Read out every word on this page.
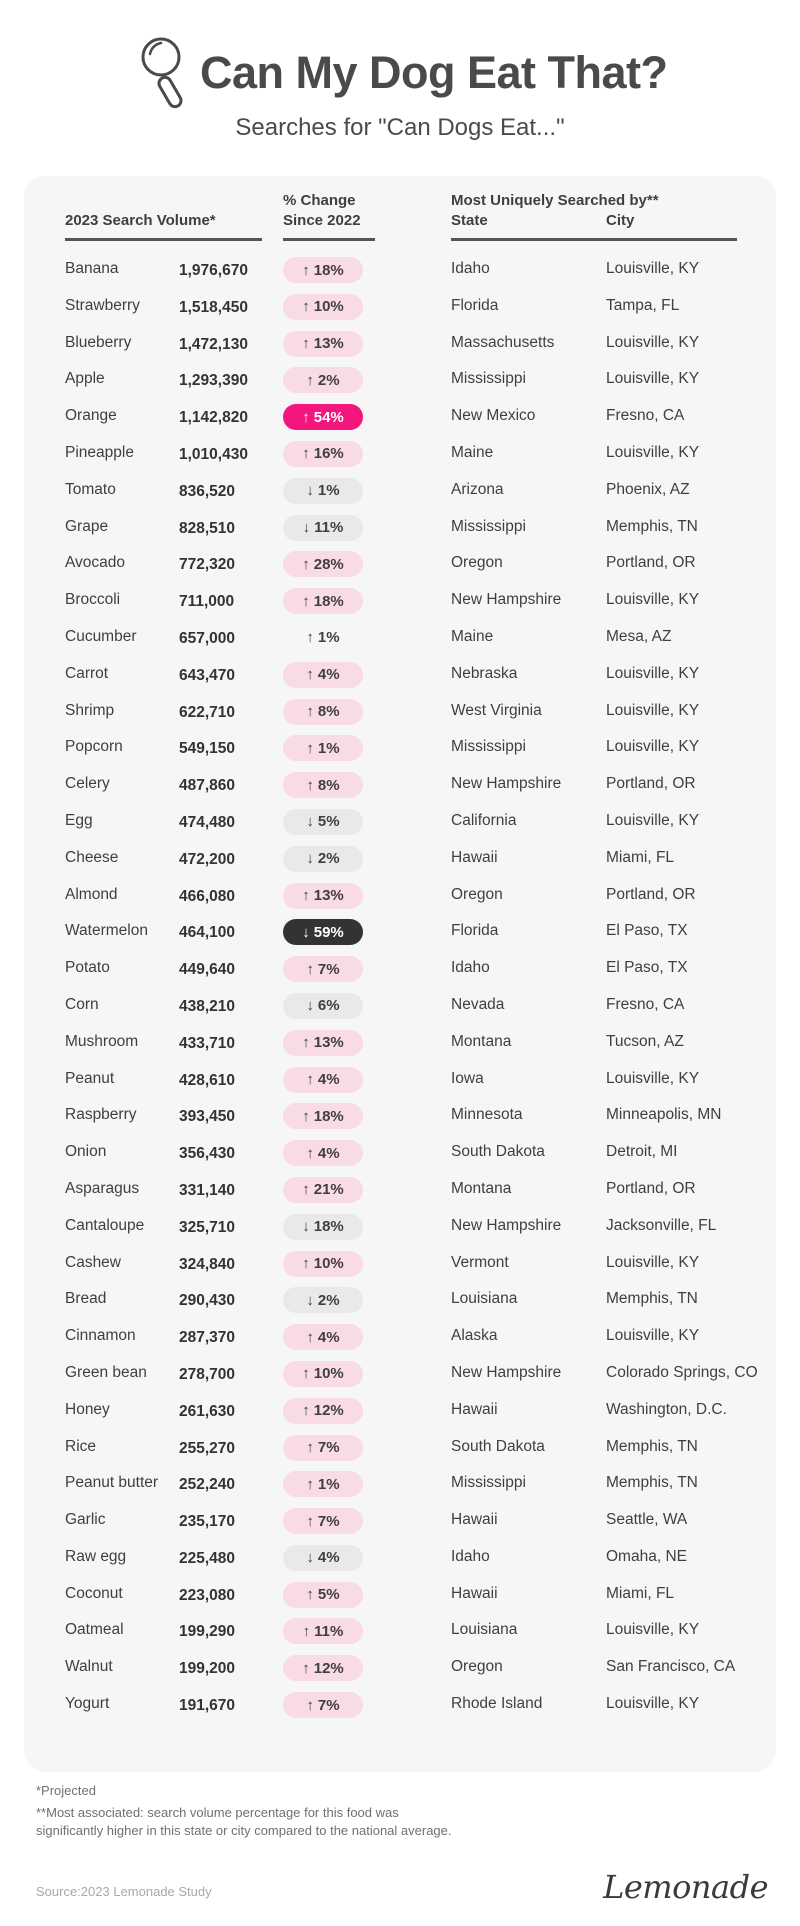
Can My Dog Eat That?
Searches for "Can Dogs Eat..."
2023 Search Volume*
% Change
Since 2022
Most Uniquely Searched by**
State	City
Banana	1,976,670	↑ 18%	Idaho	Louisville, KY
Strawberry	1,518,450	↑ 10%	Florida	Tampa, FL
Blueberry	1,472,130	↑ 13%	Massachusetts	Louisville, KY
Apple	1,293,390	↑ 2%	Mississippi	Louisville, KY
Orange	1,142,820	↑ 54%	New Mexico	Fresno, CA
Pineapple	1,010,430	↑ 16%	Maine	Louisville, KY
Tomato	836,520	↓ 1%	Arizona	Phoenix, AZ
Grape	828,510	↓ 11%	Mississippi	Memphis, TN
Avocado	772,320	↑ 28%	Oregon	Portland, OR
Broccoli	711,000	↑ 18%	New Hampshire	Louisville, KY
Cucumber	657,000	↑ 1%	Maine	Mesa, AZ
Carrot	643,470	↑ 4%	Nebraska	Louisville, KY
Shrimp	622,710	↑ 8%	West Virginia	Louisville, KY
Popcorn	549,150	↑ 1%	Mississippi	Louisville, KY
Celery	487,860	↑ 8%	New Hampshire	Portland, OR
Egg	474,480	↓ 5%	California	Louisville, KY
Cheese	472,200	↓ 2%	Hawaii	Miami, FL
Almond	466,080	↑ 13%	Oregon	Portland, OR
Watermelon 464,100	↓ 59%	Florida	El Paso, TX
Potato	449,640	↑ 7%	Idaho	El Paso, TX
Corn	438,210	↓ 6%	Nevada	Fresno, CA
Mushroom	433,710	↑ 13%	Montana	Tucson, AZ
Peanut	428,610	↑ 4%	Iowa	Louisville, KY
Raspberry	393,450	↑ 18%	Minnesota	Minneapolis, MN
Onion	356,430	↑ 4%	South Dakota	Detroit, MI
Asparagus	331,140	↑ 21%	Montana	Portland, OR
Cantaloupe 325,710	↓ 18%	New Hampshire	Jacksonville, FL
Cashew	324,840	↑ 10%	Vermont	Louisville, KY
Bread	290,430	↓ 2%	Louisiana	Memphis, TN
Cinnamon	287,370	↑ 4%	Alaska	Louisville, KY
Green bean 278,700	↑ 10%	New Hampshire	Colorado Springs, CO
Honey	261,630	↑ 12%	Hawaii	Washington, D.C.
Rice	255,270	↑ 7%	South Dakota	Memphis, TN
Peanut butter 252,240	↑ 1%	Mississippi	Memphis, TN
Garlic	235,170	↑ 7%	Hawaii	Seattle, WA
Raw egg	225,480	↓ 4%	Idaho	Omaha, NE
Coconut	223,080	↑ 5%	Hawaii	Miami, FL
Oatmeal	199,290	↑ 11%	Louisiana	Louisville, KY
Walnut	199,200	↑ 12%	Oregon	San Francisco, CA
Yogurt	191,670	↑ 7%	Rhode Island	Louisville, KY

*Projected

**Most associated: search volume percentage for this food was
significantly higher in this state or city compared to the national average.
Source:2023 Lemonade Study	Lemonade
